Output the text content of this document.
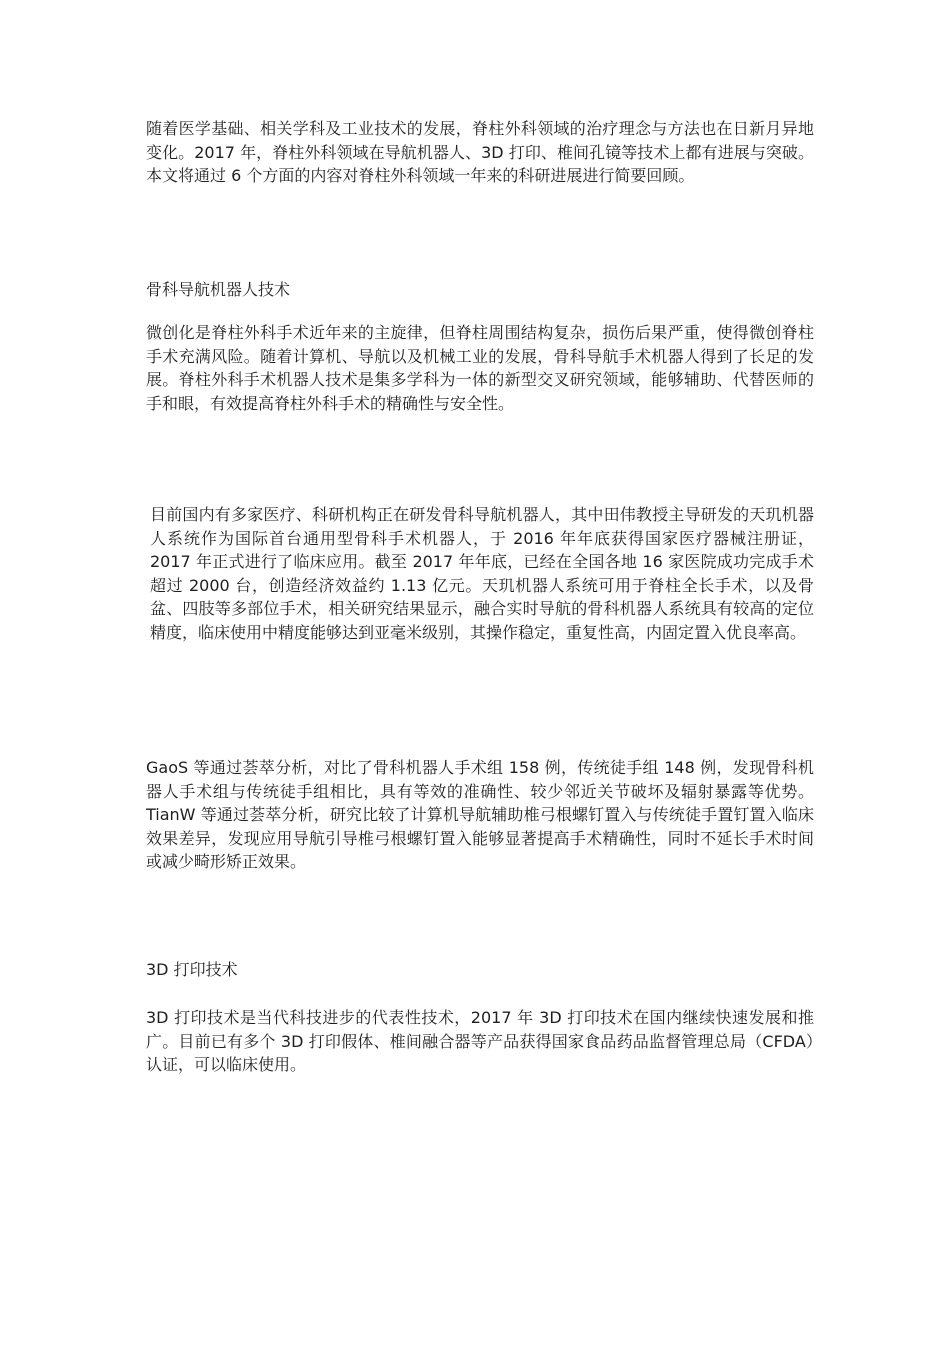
随着医学基础、相关学科及工业技术的发展，脊柱外科领域的治疗理念与方法也在日新月异地变化。2017 年，脊柱外科领域在导航机器人、3D 打印、椎间孔镜等技术上都有进展与突破。本文将通过 6 个方面的内容对脊柱外科领域一年来的科研进展进行简要回顾。

骨科导航机器人技术

微创化是脊柱外科手术近年来的主旋律，但脊柱周围结构复杂，损伤后果严重，使得微创脊柱手术充满风险。随着计算机、导航以及机械工业的发展，骨科导航手术机器人得到了长足的发展。脊柱外科手术机器人技术是集多学科为一体的新型交叉研究领域，能够辅助、代替医师的手和眼，有效提高脊柱外科手术的精确性与安全性。

目前国内有多家医疗、科研机构正在研发骨科导航机器人，其中田伟教授主导研发的天玑机器人系统作为国际首台通用型骨科手术机器人，于 2016 年年底获得国家医疗器械注册证，2017 年正式进行了临床应用。截至 2017 年年底，已经在全国各地 16 家医院成功完成手术超过 2000 台，创造经济效益约 1.13 亿元。天玑机器人系统可用于脊柱全长手术，以及骨盆、四肢等多部位手术，相关研究结果显示，融合实时导航的骨科机器人系统具有较高的定位精度，临床使用中精度能够达到亚毫米级别，其操作稳定，重复性高，内固定置入优良率高。

GaoS 等通过荟萃分析，对比了骨科机器人手术组 158 例，传统徒手组 148 例，发现骨科机器人手术组与传统徒手组相比，具有等效的准确性、较少邻近关节破坏及辐射暴露等优势。TianW 等通过荟萃分析，研究比较了计算机导航辅助椎弓根螺钉置入与传统徒手置钉置入临床效果差异，发现应用导航引导椎弓根螺钉置入能够显著提高手术精确性，同时不延长手术时间或减少畸形矫正效果。

3D 打印技术

3D 打印技术是当代科技进步的代表性技术，2017 年 3D 打印技术在国内继续快速发展和推广。目前已有多个 3D 打印假体、椎间融合器等产品获得国家食品药品监督管理总局（CFDA）认证，可以临床使用。
